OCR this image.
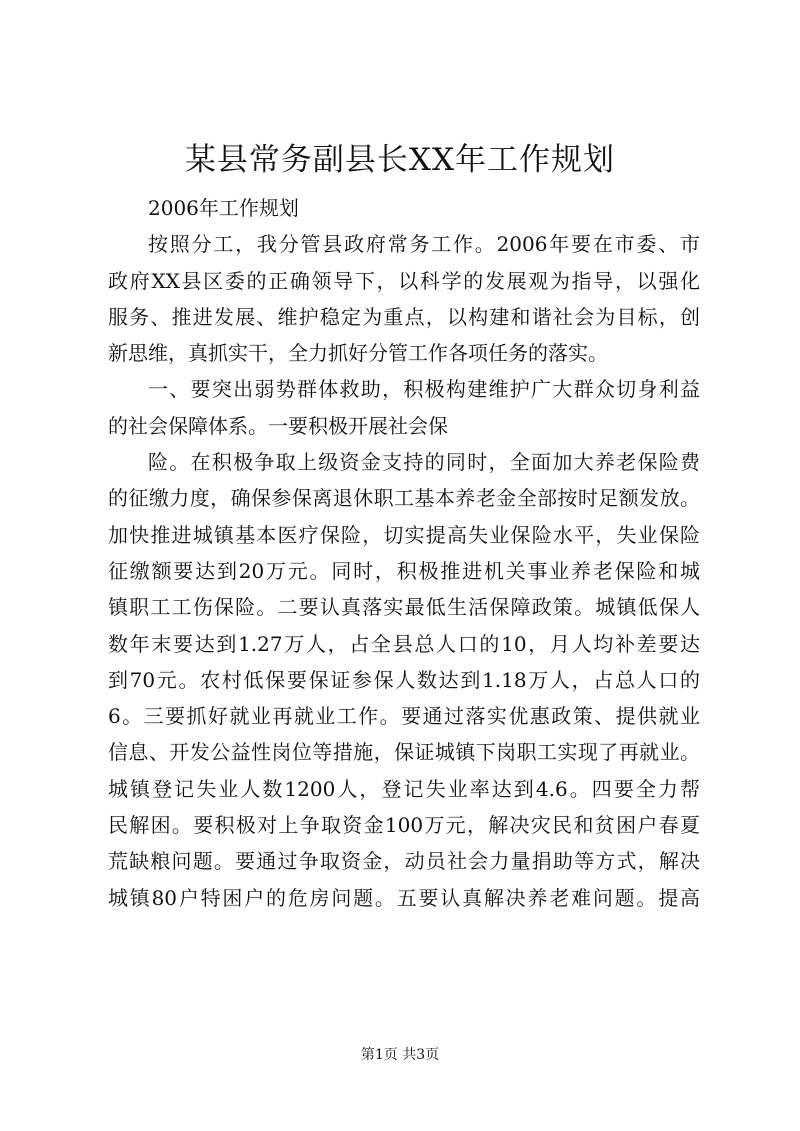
某县常务副县长XX年工作规划
2006年工作规划
按照分工，我分管县政府常务工作。2006年要在市委、市
政府XX县区委的正确领导下，以科学的发展观为指导，以强化
服务、推进发展、维护稳定为重点，以构建和谐社会为目标，创
新思维，真抓实干，全力抓好分管工作各项任务的落实。
一、要突出弱势群体救助，积极构建维护广大群众切身利益
的社会保障体系。一要积极开展社会保
险。在积极争取上级资金支持的同时，全面加大养老保险费
的征缴力度，确保参保离退休职工基本养老金全部按时足额发放。
加快推进城镇基本医疗保险，切实提高失业保险水平，失业保险
征缴额要达到20万元。同时，积极推进机关事业养老保险和城
镇职工工伤保险。二要认真落实最低生活保障政策。城镇低保人
数年末要达到1.27万人，占全县总人口的10，月人均补差要达
到70元。农村低保要保证参保人数达到1.18万人，占总人口的
6。三要抓好就业再就业工作。要通过落实优惠政策、提供就业
信息、开发公益性岗位等措施，保证城镇下岗职工实现了再就业。
城镇登记失业人数1200人，登记失业率达到4.6。四要全力帮
民解困。要积极对上争取资金100万元，解决灾民和贫困户春夏
荒缺粮问题。要通过争取资金，动员社会力量捐助等方式，解决
城镇80户特困户的危房问题。五要认真解决养老难问题。提高
第1页 共3页
